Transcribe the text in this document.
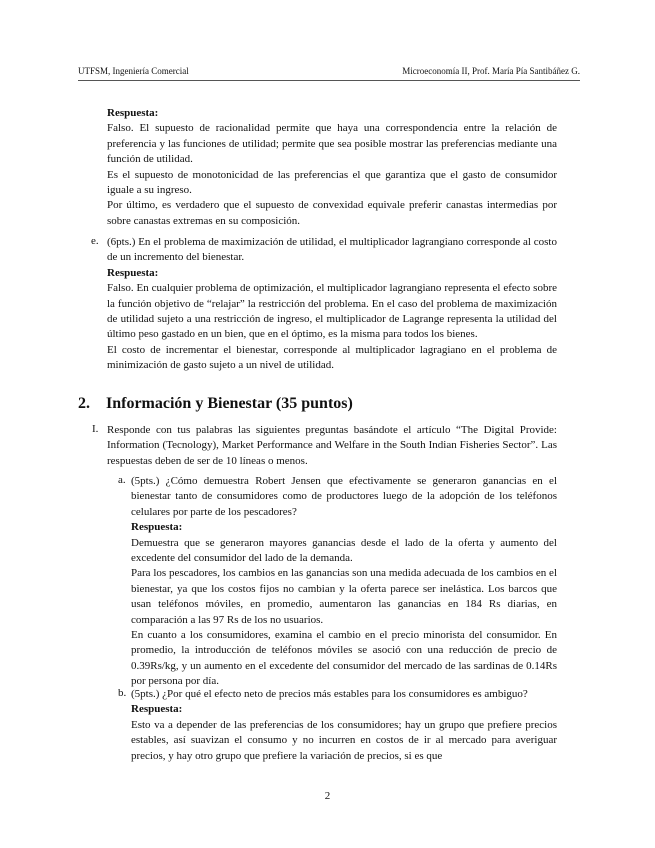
UTFSM, Ingeniería Comercial	Microeconomía II, Prof. María Pía Santibáñez G.

Respuesta:

Falso. El supuesto de racionalidad permite que haya una correspondencia entre la relación de preferencia y las funciones de utilidad; permite que sea posible mostrar las preferencias mediante una función de utilidad.

Es el supuesto de monotonicidad de las preferencias el que garantiza que el gasto de consumidor iguale a su ingreso.

Por último, es verdadero que el supuesto de convexidad equivale preferir canastas intermedias por sobre canastas extremas en su composición.

e. (6pts.) En el problema de maximización de utilidad, el multiplicador lagrangiano corresponde al costo de un incremento del bienestar.

Respuesta:

Falso. En cualquier problema de optimización, el multiplicador lagrangiano representa el efecto sobre la función objetivo de “relajar” la restricción del problema. En el caso del problema de maximización de utilidad sujeto a una restricción de ingreso, el multiplicador de Lagrange representa la utilidad del último peso gastado en un bien, que en el óptimo, es la misma para todos los bienes.

El costo de incrementar el bienestar, corresponde al multiplicador lagragiano en el problema de minimización de gasto sujeto a un nivel de utilidad.

2. Información y Bienestar (35 puntos)
I. Responde con tus palabras las siguientes preguntas basándote el artículo “The Digital Provide: Information (Tecnology), Market Performance and Welfare in the South Indian Fisheries Sector”. Las respuestas deben de ser de 10 líneas o menos.

a. (5pts.) ¿Cómo demuestra Robert Jensen que efectivamente se generaron ganancias en el bienestar tanto de consumidores como de productores luego de la adopción de los teléfonos celulares por parte de los pescadores?

Respuesta:

Demuestra que se generaron mayores ganancias desde el lado de la oferta y aumento del excedente del consumidor del lado de la demanda.

Para los pescadores, los cambios en las ganancias son una medida adecuada de los cambios en el bienestar, ya que los costos fijos no cambian y la oferta parece ser inelástica. Los barcos que usan teléfonos móviles, en promedio, aumentaron las ganancias en 184 Rs diarias, en comparación a las 97 Rs de los no usuarios.

En cuanto a los consumidores, examina el cambio en el precio minorista del consumidor. En promedio, la introducción de teléfonos móviles se asoció con una reducción de precio de 0.39Rs/kg, y un aumento en el excedente del consumidor del mercado de las sardinas de 0.14Rs por persona por día.

b. (5pts.) ¿Por qué el efecto neto de precios más estables para los consumidores es ambiguo?

Respuesta:

Esto va a depender de las preferencias de los consumidores; hay un grupo que prefiere precios estables, así suavizan el consumo y no incurren en costos de ir al mercado para averiguar precios, y hay otro grupo que prefiere la variación de precios, si es que

2
